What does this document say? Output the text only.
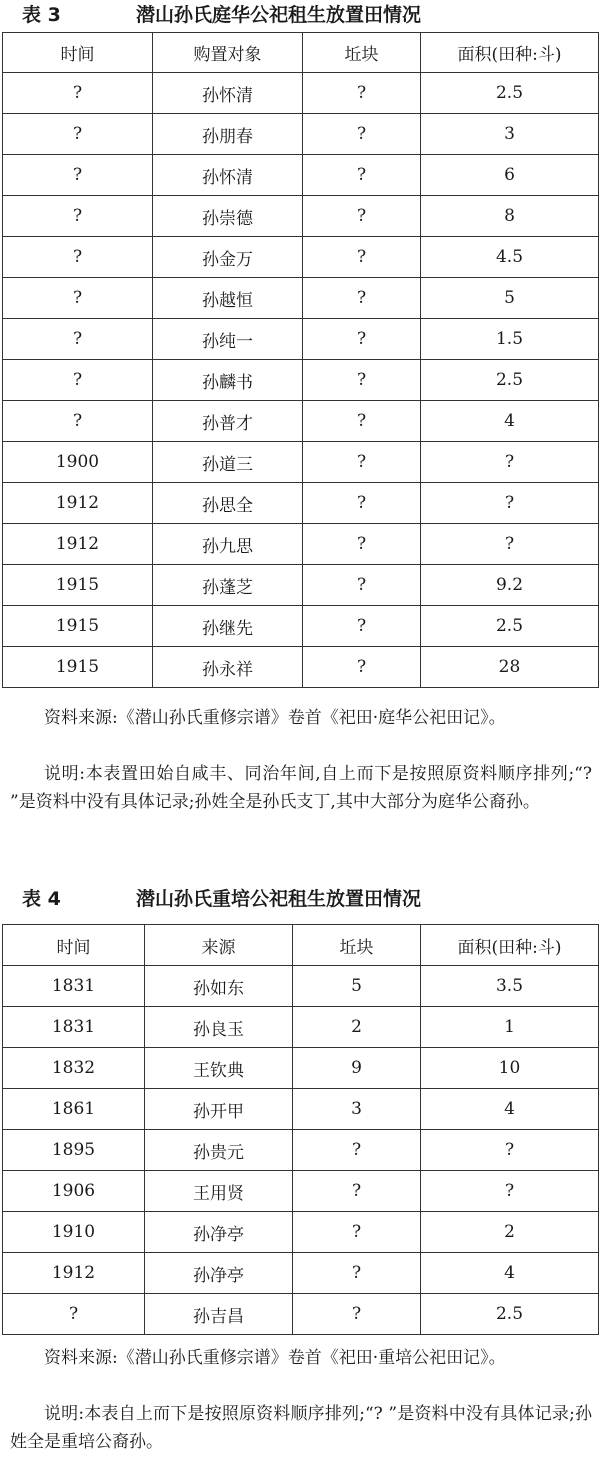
表 3	潜山孙氏庭华公祀租生放置田情况
时间	购置对象	坵块	面积(田种:斗)
?	孙怀清	?	2.5
?	孙朋春	?	3
?	孙怀清	?	6
?	孙崇德	?	8
?	孙金万	?	4.5
?	孙越恒	?	5
?	孙纯一	?	1.5
?	孙麟书	?	2.5
?	孙普才	?	4
1900	孙道三	?	?
1912	孙思全	?	?
1912	孙九思	?	?
1915	孙蓬芝	?	9.2
1915	孙继先	?	2.5
1915	孙永祥	?	28

资料来源:《潜山孙氏重修宗谱》卷首《祀田·庭华公祀田记》。

说明:本表置田始自咸丰、同治年间,自上而下是按照原资料顺序排列;“? ”是资料中没有具体记录;孙姓全是孙氏支丁,其中大部分为庭华公裔孙。

表 4	潜山孙氏重培公祀租生放置田情况
时间	来源	坵块	面积(田种:斗)
1831	孙如东	5	3.5
1831	孙良玉	2	1
1832	王钦典	9	10
1861	孙开甲	3	4
1895	孙贵元	?	?
1906	王用贤	?	?
1910	孙净亭	?	2
1912	孙净亭	?	4
?	孙吉昌	?	2.5

资料来源:《潜山孙氏重修宗谱》卷首《祀田·重培公祀田记》。

说明:本表自上而下是按照原资料顺序排列;“? ”是资料中没有具体记录;孙姓全是重培公裔孙。
